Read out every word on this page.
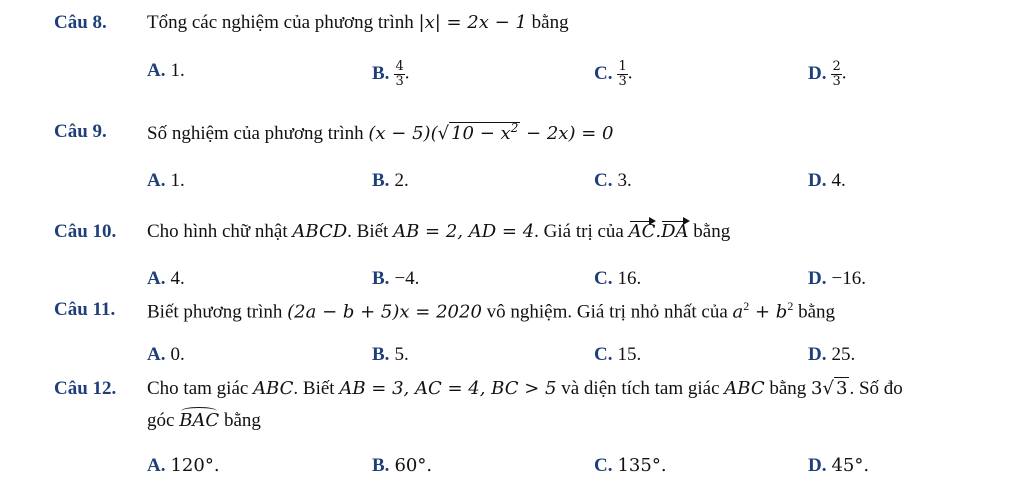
Câu 8. Tổng các nghiệm của phương trình |x| = 2x − 1 bằng
A. 1.	B. $\frac{4}{3}$ .	C. $\frac{1}{3}$ .	D. $\frac{2}{3}$ .
Câu 9. Số nghiệm của phương trình (x − 5)(√ $10 - x^2 - 2x) = 0$
A. 1.	B. 2.	C. 3.	D. 4.
Câu 10. Cho hình chữ nhật ABCD. Biết AB = 2, AD = 4. Giá trị của AC.DA bằng
A. 4.	B. −4.	C. 16.	D. −16.
Câu 11. Biết phương trình (2a − b + 5)x = 2020 vô nghiệm. Giá trị nhỏ nhất của $a^2 + b^2$ bằng
A. 0.	B. 5.	C. 15.	D. 25.
Câu 12. Cho tam giác ABC. Biết AB = 3, AC = 4, BC > 5 và diện tích tam giác ABC bằng 3√ 3 . Số đo
góc BAC bằng
A. 120°.	B. 60°.	C. 135°.	D. 45°.
